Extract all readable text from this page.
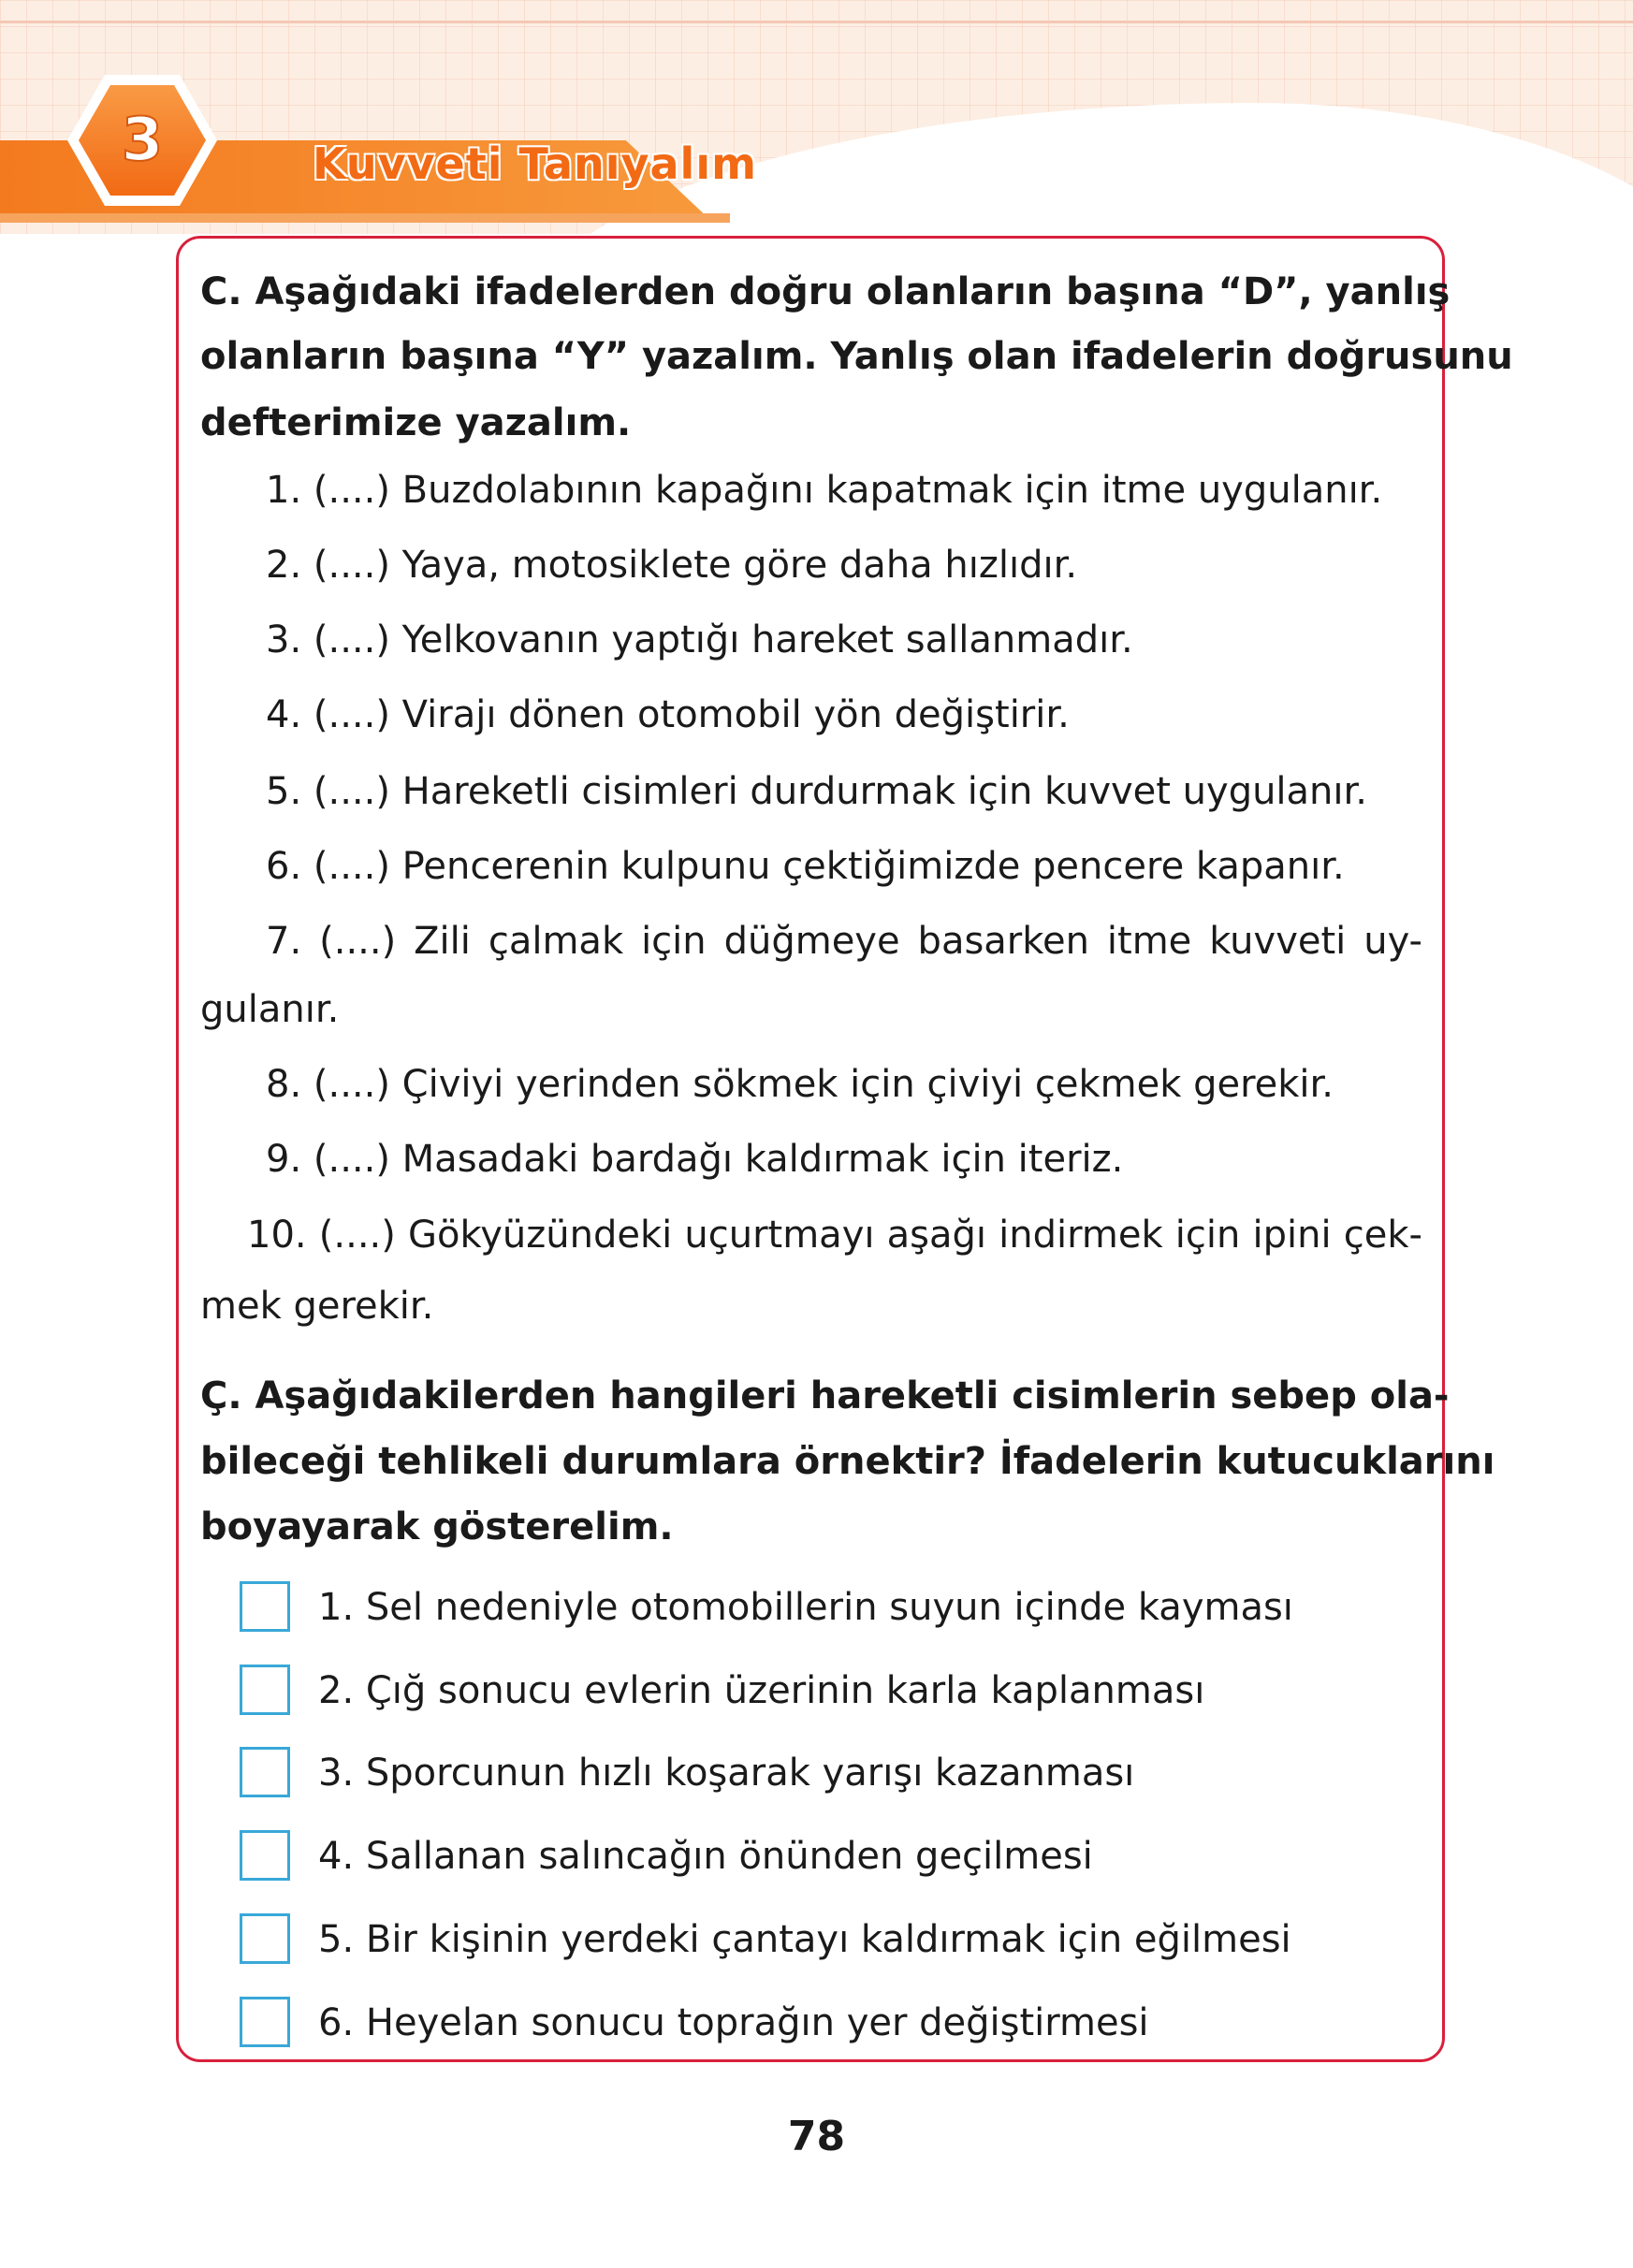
3	Kuvveti Tanıyalım

C. Aşağıdaki ifadelerden doğru olanların başına “D”, yanlış

olanların başına “Y” yazalım. Yanlış olan ifadelerin doğrusunu

defterimize yazalım.

1. (....) Buzdolabının kapağını kapatmak için itme uygulanır.

2. (....) Yaya, motosiklete göre daha hızlıdır.

3. (....) Yelkovanın yaptığı hareket sallanmadır.

4. (....) Virajı dönen otomobil yön değiştirir.

5. (....) Hareketli cisimleri durdurmak için kuvvet uygulanır.

6. (....) Pencerenin kulpunu çektiğimizde pencere kapanır.

7. (....) Zili çalmak için düğmeye basarken itme kuvveti uy-

gulanır.

8. (....) Çiviyi yerinden sökmek için çiviyi çekmek gerekir.

9. (....) Masadaki bardağı kaldırmak için iteriz.

10. (....) Gökyüzündeki uçurtmayı aşağı indirmek için ipini çek-

mek gerekir.

Ç. Aşağıdakilerden hangileri hareketli cisimlerin sebep ola-

bileceği tehlikeli durumlara örnektir? İfadelerin kutucuklarını

boyayarak gösterelim.

1. Sel nedeniyle otomobillerin suyun içinde kayması

2. Çığ sonucu evlerin üzerinin karla kaplanması

3. Sporcunun hızlı koşarak yarışı kazanması

4. Sallanan salıncağın önünden geçilmesi

5. Bir kişinin yerdeki çantayı kaldırmak için eğilmesi

6. Heyelan sonucu toprağın yer değiştirmesi

78
